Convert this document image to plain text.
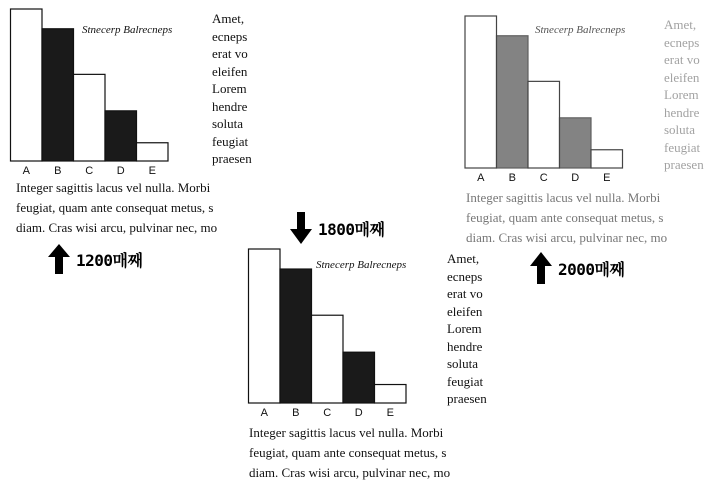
A B C D E
Stnecerp Balrecneps
Amet,
ecneps
erat vo
eleifen
Lorem
hendre
soluta
feugiat
praesen
Integer sagittis lacus vel nulla. Morbi
feugiat, quam ante consequat metus, s
diam. Cras wisi arcu, pulvinar nec, mo
1200매째
A B C D E
Stnecerp Balrecneps	Amet,
ecneps
erat vo
eleifen
Lorem
hendre
soluta
feugiat
praesen
Integer sagittis lacus vel nulla. Morbi
feugiat, quam ante consequat metus, s
diam. Cras wisi arcu, pulvinar nec, mo
1800매째
A B C D E
Stnecerp Balrecneps	Amet,
ecneps
erat vo
eleifen
Lorem
hendre
soluta
feugiat
praesen
Integer sagittis lacus vel nulla. Morbi
feugiat, quam ante consequat metus, s
diam. Cras wisi arcu, pulvinar nec, mo
2000매째
